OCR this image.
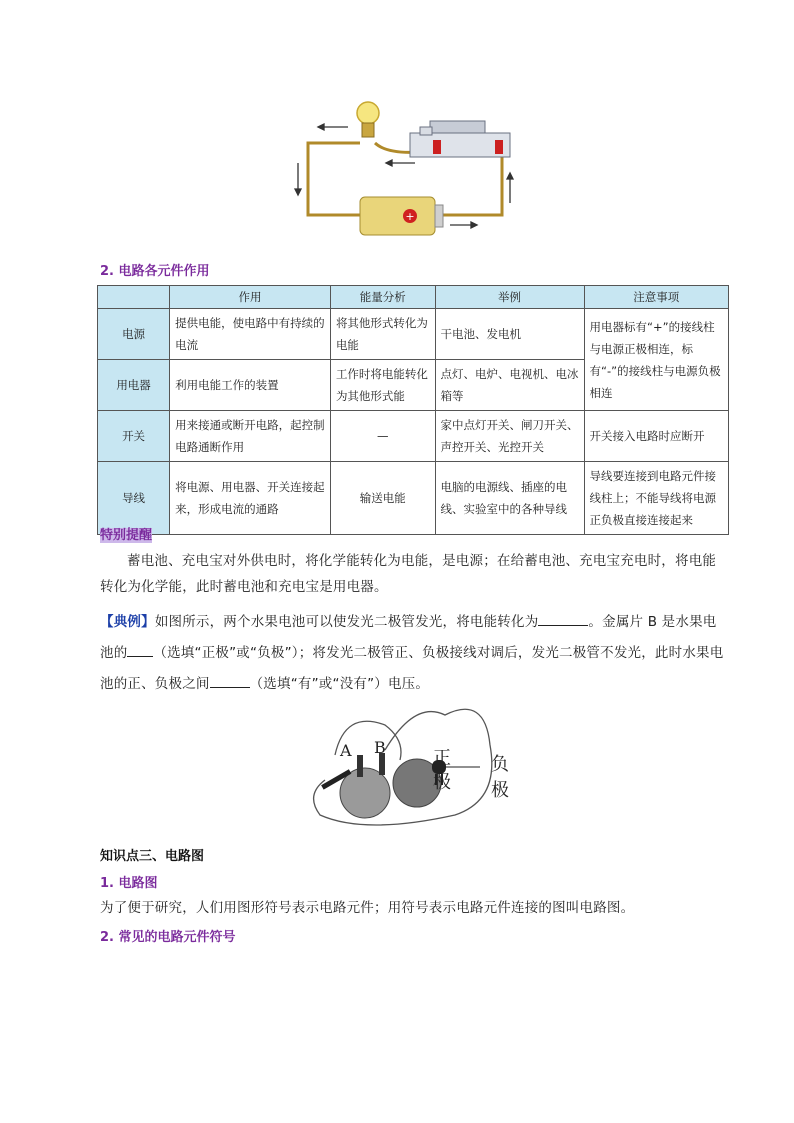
+
2. 电路各元件作用
	作用	能量分析	举例	注意事项
电源	提供电能，使电路中有持续的电流	将其他形式转化为电能	干电池、发电机	用电器标有“+”的接线柱与电源正极相连，标有“-”的接线柱与电源负极相连
用电器	利用电能工作的装置	工作时将电能转化为其他形式能	点灯、电炉、电视机、电冰箱等	
开关	用来接通或断开电路，起控制电路通断作用	—	家中点灯开关、闸刀开关、声控开关、光控开关	开关接入电路时应断开
导线	将电源、用电器、开关连接起来，形成电流的通路	输送电能	电脑的电源线、插座的电线、实验室中的各种导线	导线要连接到电路元件接线柱上；不能导线将电源正负极直接连接起来
特别提醒
蓄电池、充电宝对外供电时，将化学能转化为电能，是电源；在给蓄电池、充电宝充电时，将电能转化为化学能，此时蓄电池和充电宝是用电器。
【典例】如图所示，两个水果电池可以使发光二极管发光，将电能转化为	。金属片 B 是水果电池的 （选填“正极”或“负极”）；将发光二极管正、负极接线对调后，发光二极管不发光，此时水果电池的正、负极之间	（选填“有”或“没有”）电压。
A B
正
极
负
极
知识点三、电路图
1. 电路图
为了便于研究，人们用图形符号表示电路元件；用符号表示电路元件连接的图叫电路图。
2. 常见的电路元件符号
